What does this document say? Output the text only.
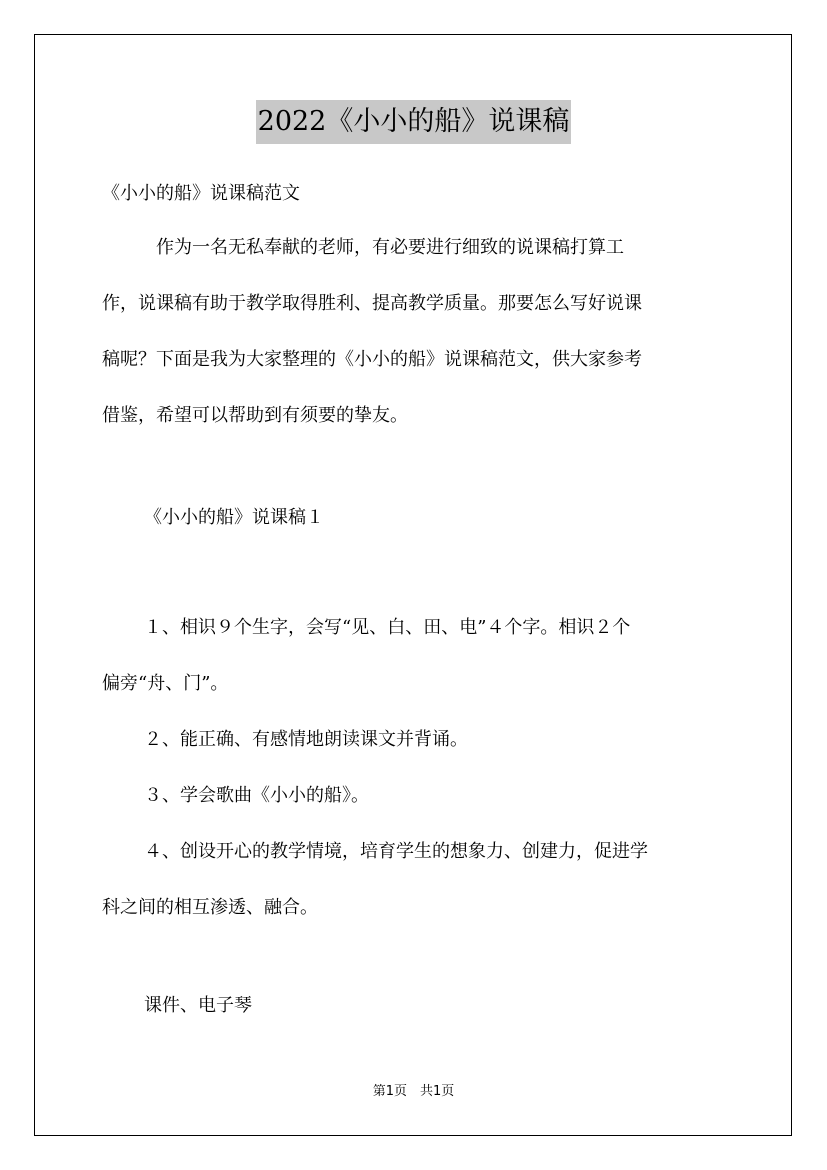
2022《小小的船》说课稿
《小小的船》说课稿范文
作为一名无私奉献的老师，有必要进行细致的说课稿打算工
作，说课稿有助于教学取得胜利、提高教学质量。那要怎么写好说课
稿呢？下面是我为大家整理的《小小的船》说课稿范文，供大家参考
借鉴，希望可以帮助到有须要的挚友。
《小小的船》说课稿１
１、相识９个生字，会写“见、白、田、电”４个字。相识２个
偏旁“舟、门”。
２、能正确、有感情地朗读课文并背诵。
３、学会歌曲《小小的船》。
４、创设开心的教学情境，培育学生的想象力、创建力，促进学
科之间的相互渗透、融合。
课件、电子琴
第1页　共1页
